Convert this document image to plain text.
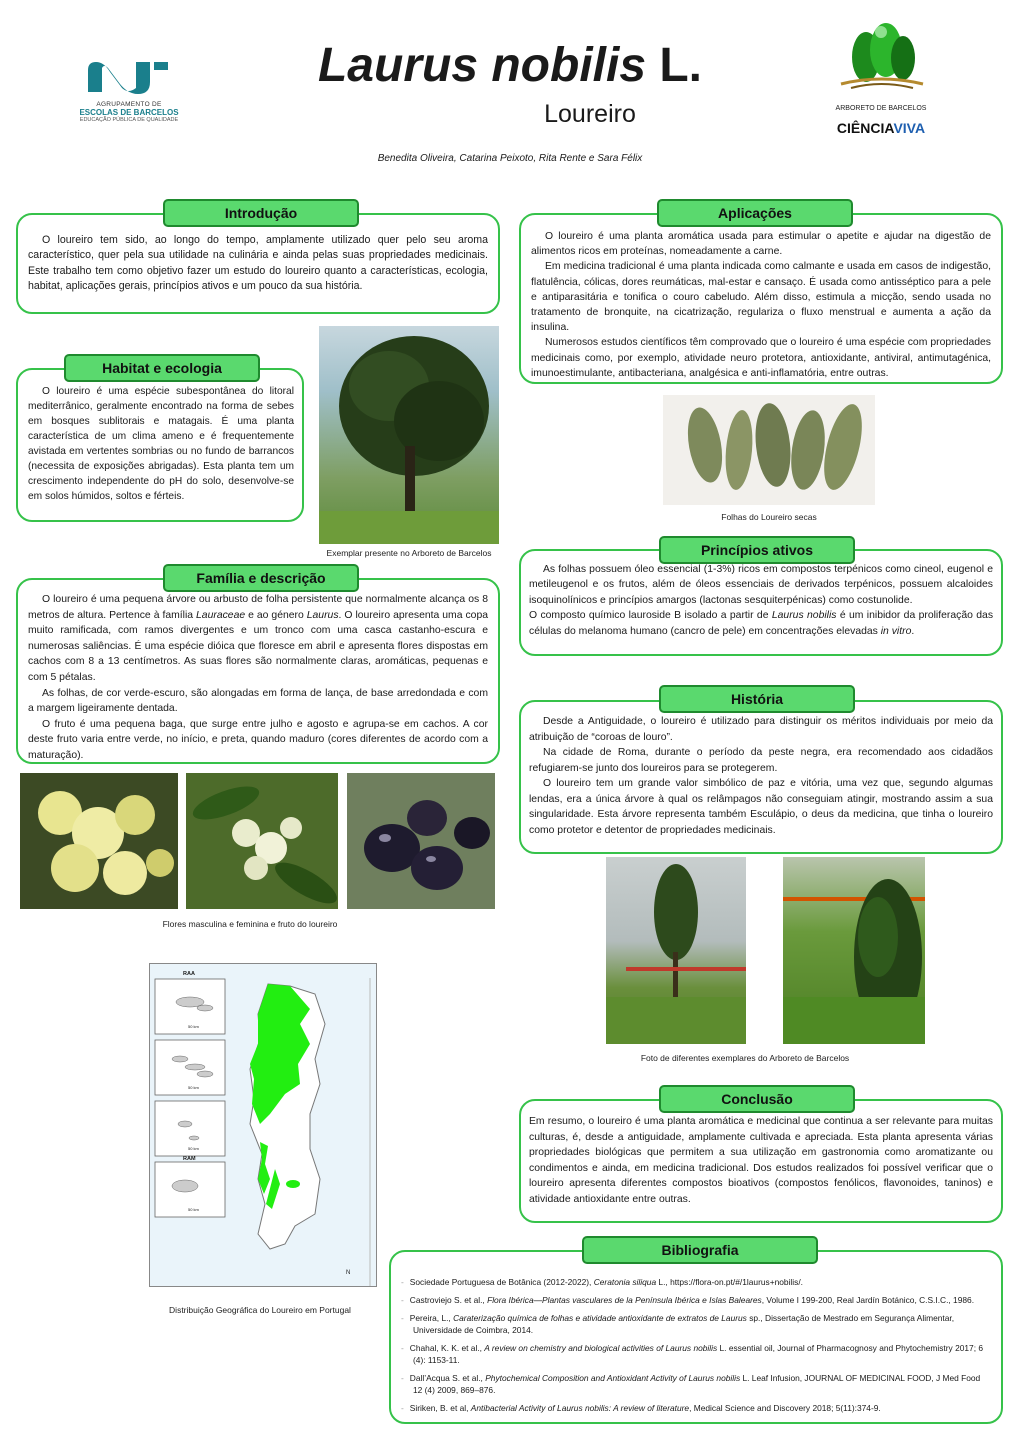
AGRUPAMENTO DE
ESCOLAS DE BARCELOS
EDUCAÇÃO PÚBLICA DE QUALIDADE
Laurus nobilis L.
Loureiro
Benedita Oliveira, Catarina Peixoto, Rita Rente e Sara Félix
ARBORETO DE BARCELOS
CIÊNCIAVIVA

O loureiro tem sido, ao longo do tempo, amplamente utilizado quer pelo seu aroma característico, quer pela sua utilidade na culinária e ainda pelas suas propriedades medicinais. Este trabalho tem como objetivo fazer um estudo do loureiro quanto a características, ecologia, habitat, aplicações gerais, princípios ativos e um pouco da sua história.

Introdução

O loureiro é uma espécie subespontânea do litoral mediterrânico, geralmente encontrado na forma de sebes em bosques sublitorais e matagais. É uma planta característica de um clima ameno e é frequentemente avistada em vertentes sombrias ou no fundo de barrancos (necessita de exposições abrigadas). Esta planta tem um crescimento independente do pH do solo, desenvolve-se em solos húmidos, soltos e férteis.

Habitat e ecologia
Exemplar presente no Arboreto de Barcelos

O loureiro é uma pequena árvore ou arbusto de folha persistente que normalmente alcança os 8 metros de altura. Pertence à família Lauraceae e ao género Laurus. O loureiro apresenta uma copa muito ramificada, com ramos divergentes e um tronco com uma casca castanho-escura e numerosas saliências. É uma espécie dióica que floresce em abril e apresenta flores dispostas em cachos com 8 a 13 centímetros. As suas flores são normalmente claras, aromáticas, pequenas e com 5 pétalas.

As folhas, de cor verde-escuro, são alongadas em forma de lança, de base arredondada e com a margem ligeiramente dentada.

O fruto é uma pequena baga, que surge entre julho e agosto e agrupa-se em cachos. A cor deste fruto varia entre verde, no início, e preta, quando maduro (cores diferentes de acordo com a maturação).

Família e descrição
Flores masculina e feminina e fruto do loureiro
RAA
RAM
50 km
50 km
50 km
50 km
N
Distribuição Geográfica do Loureiro em Portugal

O loureiro é uma planta aromática usada para estimular o apetite e ajudar na digestão de alimentos ricos em proteínas, nomeadamente a carne.

Em medicina tradicional é uma planta indicada como calmante e usada em casos de indigestão, flatulência, cólicas, dores reumáticas, mal-estar e cansaço. É usada como antisséptico para a pele e antiparasitária e tonifica o couro cabeludo. Além disso, estimula a micção, sendo usada no tratamento de bronquite, na cicatrização, regulariza o fluxo menstrual e aumenta a ação da insulina.

Numerosos estudos científicos têm comprovado que o loureiro é uma espécie com propriedades medicinais como, por exemplo, atividade neuro protetora, antioxidante, antiviral, antimutagénica, imunoestimulante, antibacteriana, analgésica e anti-inflamatória, entre outras.

Aplicações
Folhas do Loureiro secas

As folhas possuem óleo essencial (1-3%) ricos em compostos terpénicos como cineol, eugenol e metileugenol e os frutos, além de óleos essenciais de derivados terpénicos, possuem alcaloides isoquinolínicos e princípios amargos (lactonas sesquiterpénicas) como costunolide.

O composto químico lauroside B isolado a partir de Laurus nobilis é um inibidor da proliferação das células do melanoma humano (cancro de pele) em concentrações elevadas in vitro.

Princípios ativos

Desde a Antiguidade, o loureiro é utilizado para distinguir os méritos individuais por meio da atribuição de “coroas de louro”.

Na cidade de Roma, durante o período da peste negra, era recomendado aos cidadãos refugiarem-se junto dos loureiros para se protegerem.

O loureiro tem um grande valor simbólico de paz e vitória, uma vez que, segundo algumas lendas, era a única árvore à qual os relâmpagos não conseguiam atingir, mostrando assim a sua singularidade. Esta árvore representa também Esculápio, o deus da medicina, que tinha o loureiro como protetor e detentor de propriedades medicinais.

História
Foto de diferentes exemplares do Arboreto de Barcelos

Em resumo, o loureiro é uma planta aromática e medicinal que continua a ser relevante para muitas culturas, é, desde a antiguidade, amplamente cultivada e apreciada. Esta planta apresenta várias propriedades biológicas que permitem a sua utilização em gastronomia como aromatizante ou condimentos e ainda, em medicina tradicional. Dos estudos realizados foi possível verificar que o loureiro apresenta diferentes compostos bioativos (compostos fenólicos, flavonoides, taninos) e atividade antioxidante entre outras.

Conclusão
- Sociedade Portuguesa de Botânica (2012-2022), Ceratonia siliqua L., https://flora-on.pt/#/1laurus+nobilis/.
- Castroviejo S. et al., Flora Ibérica—Plantas vasculares de la Península Ibérica e Islas Baleares, Volume I 199-200, Real Jardín Botánico, C.S.I.C., 1986.
- Pereira, L., Caraterização química de folhas e atividade antioxidante de extratos de Laurus sp., Dissertação de Mestrado em Segurança Alimentar, Universidade de Coimbra, 2014.
- Chahal, K. K. et al., A review on chemistry and biological activities of Laurus nobilis L. essential oil, Journal of Pharmacognosy and Phytochemistry 2017; 6 (4): 1153-11.
- Dall’Acqua S. et al., Phytochemical Composition and Antioxidant Activity of Laurus nobilis L. Leaf Infusion, JOURNAL OF MEDICINAL FOOD, J Med Food 12 (4) 2009, 869–876.
- Siriken, B. et al, Antibacterial Activity of Laurus nobilis: A review of literature, Medical Science and Discovery 2018; 5(11):374-9.
Bibliografia
